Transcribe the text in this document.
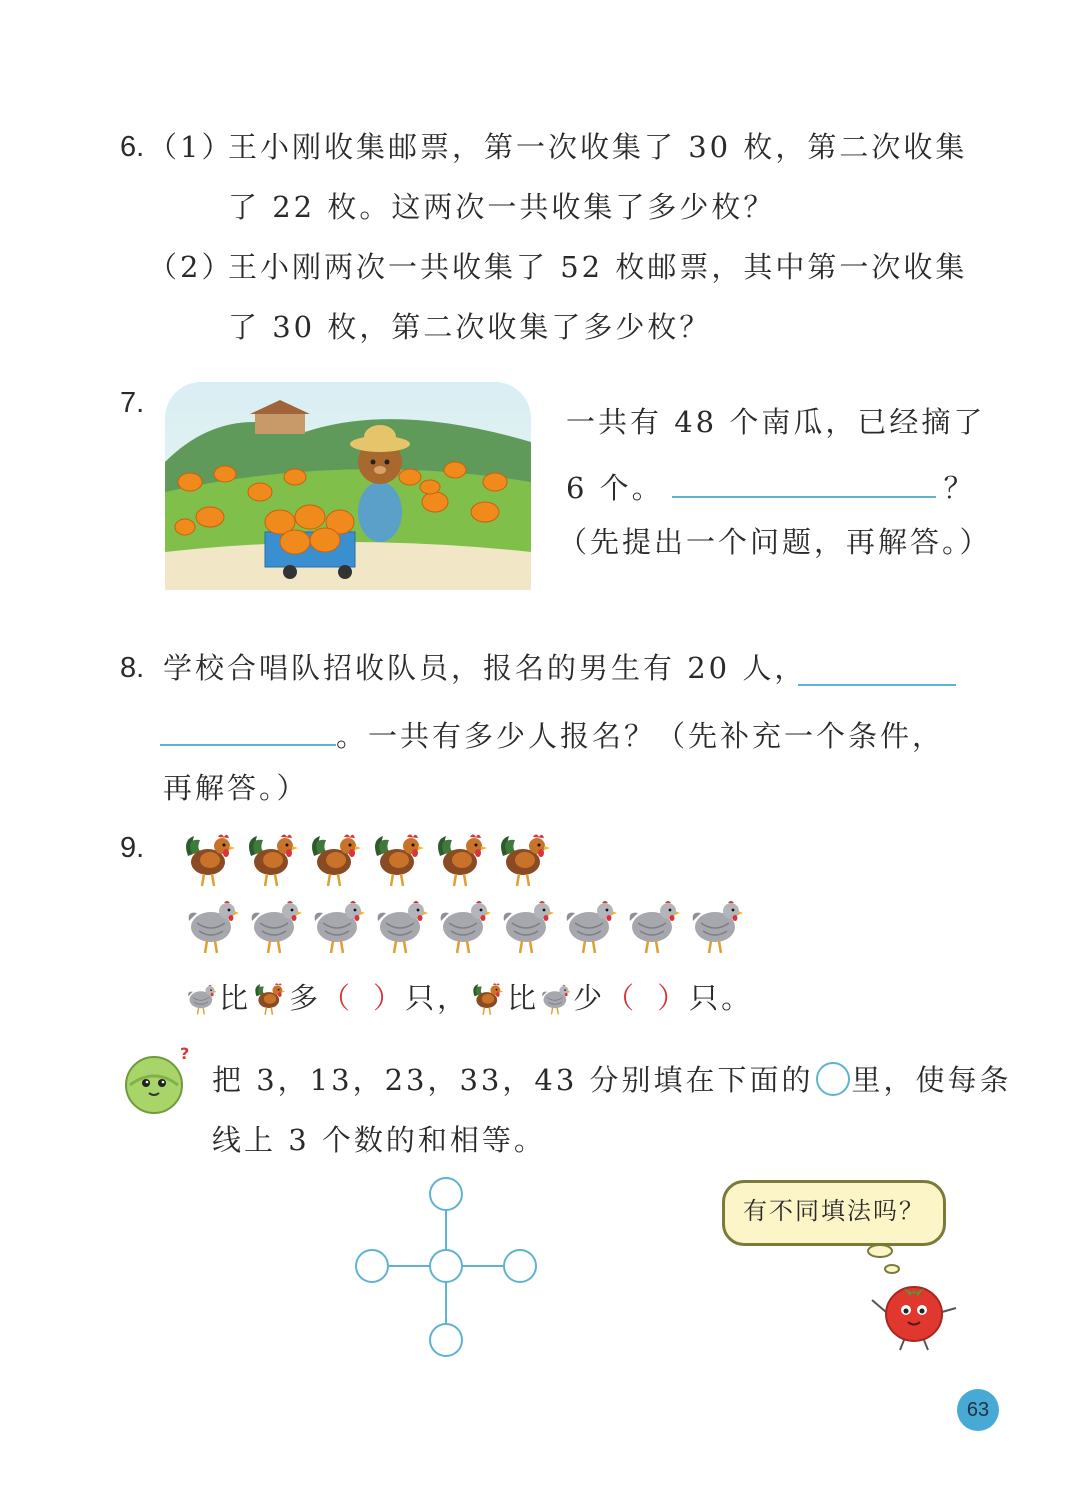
6. （1）
王小刚收集邮票，第一次收集了 30 枚，第二次收集
了 22 枚。这两次一共收集了多少枚？
（2）
王小刚两次一共收集了 52 枚邮票，其中第一次收集
了 30 枚，第二次收集了多少枚？
7.
一共有 48 个南瓜，已经摘了
6 个。	？
（先提出一个问题，再解答。）
8. 学校合唱队招收队员，报名的男生有 20 人，
。一共有多少人报名？（先补充一个条件，
再解答。）
9.
比 多（ ）只， 比 少（ ）只。
?
把 3，13，23，33，43 分别填在下面的 里，使每条
线上 3 个数的和相等。
有不同填法吗？
63
